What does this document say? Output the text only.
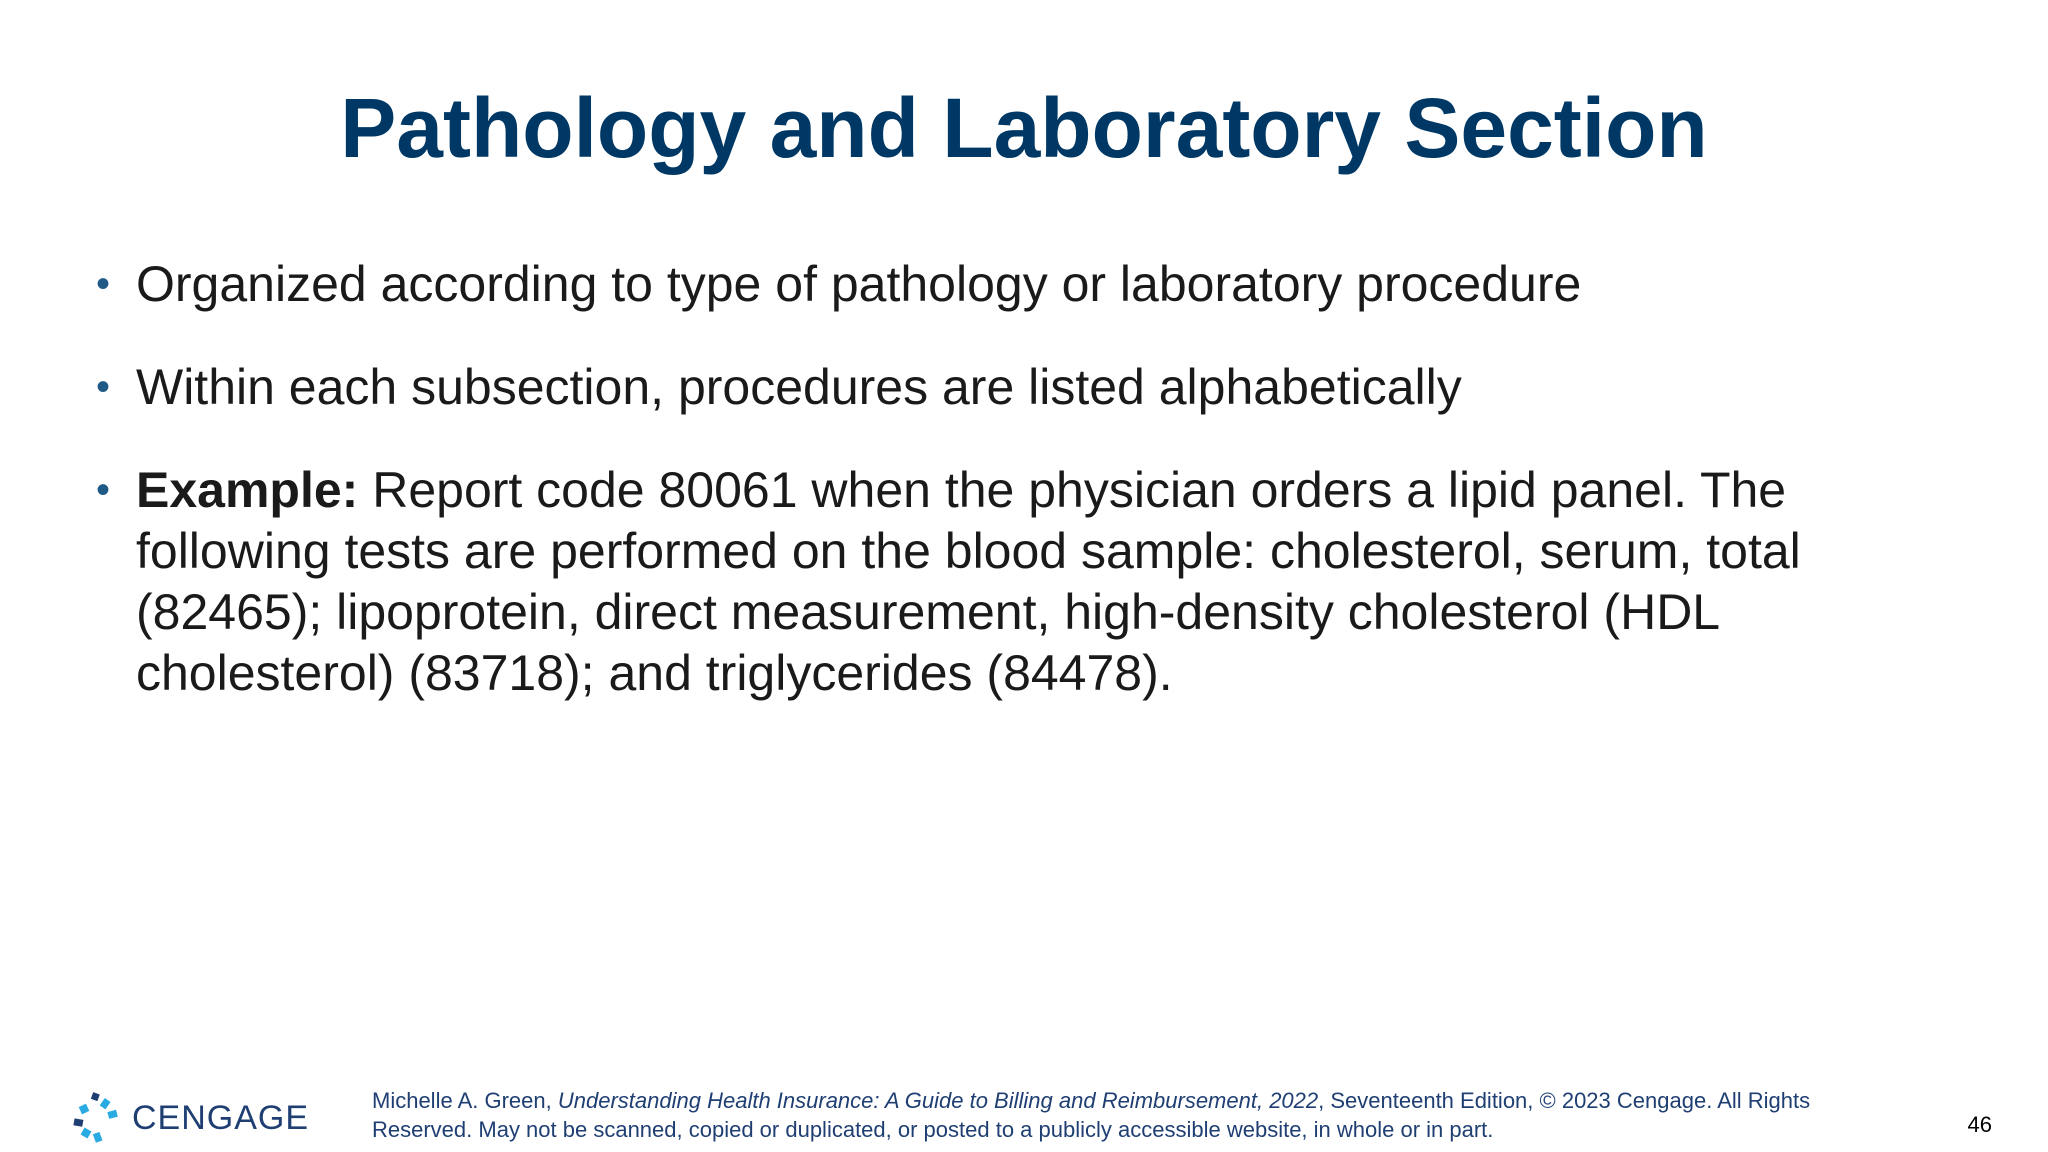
Pathology and Laboratory Section
• Organized according to type of pathology or laboratory procedure
• Within each subsection, procedures are listed alphabetically
• Example: Report code 80061 when the physician orders a lipid panel. The following tests are performed on the blood sample: cholesterol, serum, total (82465); lipoprotein, direct measurement, high-density cholesterol (HDL cholesterol) (83718); and triglycerides (84478).
CENGAGE	Michelle A. Green, Understanding Health Insurance: A Guide to Billing and Reimbursement, 2022, Seventeenth Edition, © 2023 Cengage. All Rights Reserved. May not be scanned, copied or duplicated, or posted to a publicly accessible website, in whole or in part.	46
